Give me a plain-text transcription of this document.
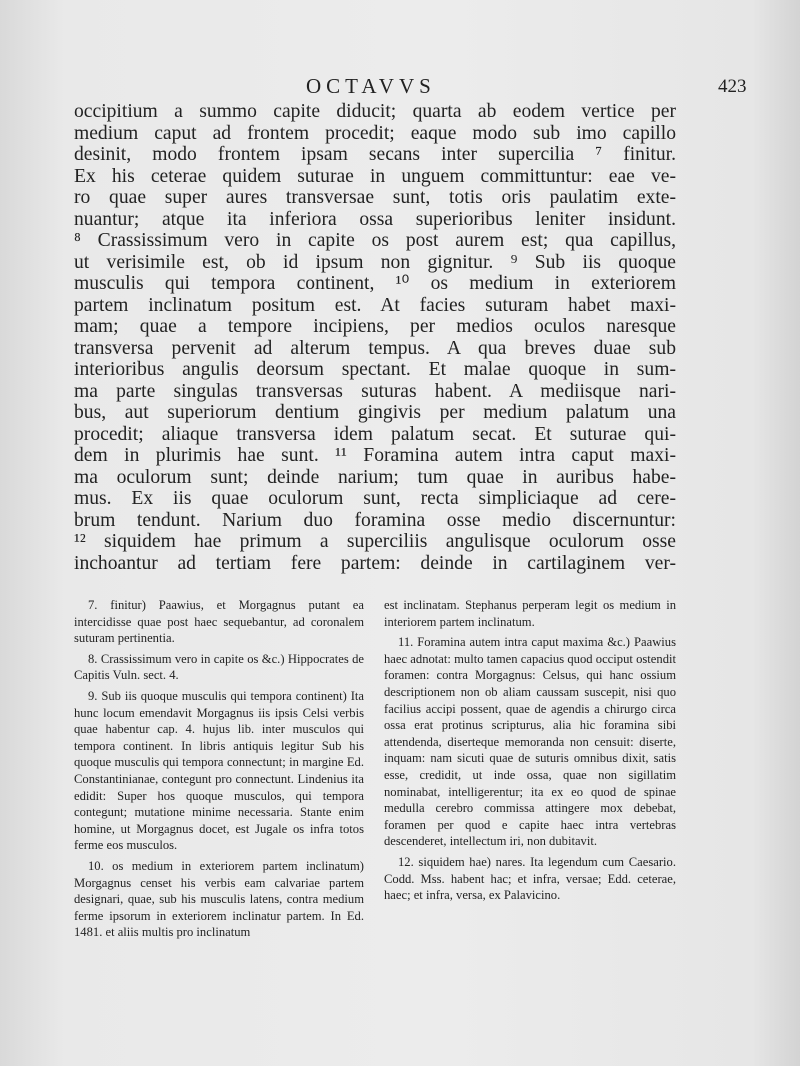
OCTAVVS	423
occipitium a summo capite diducit; quarta ab eodem vertice per
medium caput ad frontem procedit; eaque modo sub imo capillo
desinit, modo frontem ipsam secans inter supercilia ⁷ finitur.
Ex his ceterae quidem suturae in unguem committuntur: eae ve-
ro quae super aures transversae sunt, totis oris paulatim exte-
nuantur; atque ita inferiora ossa superioribus leniter insidunt.
⁸ Crassissimum vero in capite os post aurem est; qua capillus,
ut verisimile est, ob id ipsum non gignitur. ⁹ Sub iis quoque
musculis qui tempora continent, ¹⁰ os medium in exteriorem
partem inclinatum positum est. At facies suturam habet maxi-
mam; quae a tempore incipiens, per medios oculos naresque
transversa pervenit ad alterum tempus. A qua breves duae sub
interioribus angulis deorsum spectant. Et malae quoque in sum-
ma parte singulas transversas suturas habent. A mediisque nari-
bus, aut superiorum dentium gingivis per medium palatum una
procedit; aliaque transversa idem palatum secat. Et suturae qui-
dem in plurimis hae sunt. ¹¹ Foramina autem intra caput maxi-
ma oculorum sunt; deinde narium; tum quae in auribus habe-
mus. Ex iis quae oculorum sunt, recta simpliciaque ad cere-
brum tendunt. Narium duo foramina osse medio discernuntur:
¹² siquidem hae primum a superciliis angulisque oculorum osse
inchoantur ad tertiam fere partem: deinde in cartilaginem ver-
7. finitur) Paawius, et Morgagnus putant ea intercidisse quae post haec sequebantur, ad coronalem suturam pertinentia.
8. Crassissimum vero in capite os &c.) Hippocrates de Capitis Vuln. sect. 4.
9. Sub iis quoque musculis qui tempora continent) Ita hunc locum emendavit Morgagnus iis ipsis Celsi verbis quae habentur cap. 4. hujus lib. inter musculos qui tempora continent. In libris antiquis legitur Sub his quoque musculis qui tempora connectunt; in margine Ed. Constantinianae, contegunt pro connectunt. Lindenius ita edidit: Super hos quoque musculos, qui tempora contegunt; mutatione minime necessaria. Stante enim homine, ut Morgagnus docet, est Jugale os infra totos ferme eos musculos.
10. os medium in exteriorem partem inclinatum) Morgagnus censet his verbis eam calvariae partem designari, quae, sub his musculis latens, contra medium ferme ipsorum in exteriorem inclinatur partem. In Ed. 1481. et aliis multis pro inclinatum
est inclinatam. Stephanus perperam legit os medium in interiorem partem inclinatum.
11. Foramina autem intra caput maxima &c.) Paawius haec adnotat: multo tamen capacius quod occiput ostendit foramen: contra Morgagnus: Celsus, qui hanc ossium descriptionem non ob aliam caussam suscepit, nisi quo facilius accipi possent, quae de agendis a chirurgo circa ossa erat protinus scripturus, alia hic foramina sibi attendenda, diserteque memoranda non censuit: diserte, inquam: nam sicuti quae de suturis omnibus dixit, satis esse, credidit, ut inde ossa, quae non sigillatim nominabat, intelligerentur; ita ex eo quod de spinae medulla cerebro commissa attingere mox debebat, foramen per quod e capite haec intra vertebras descenderet, intellectum iri, non dubitavit.
12. siquidem hae) nares. Ita legendum cum Caesario. Codd. Mss. habent hac; et infra, versae; Edd. ceterae, haec; et infra, versa, ex Palavicino.
